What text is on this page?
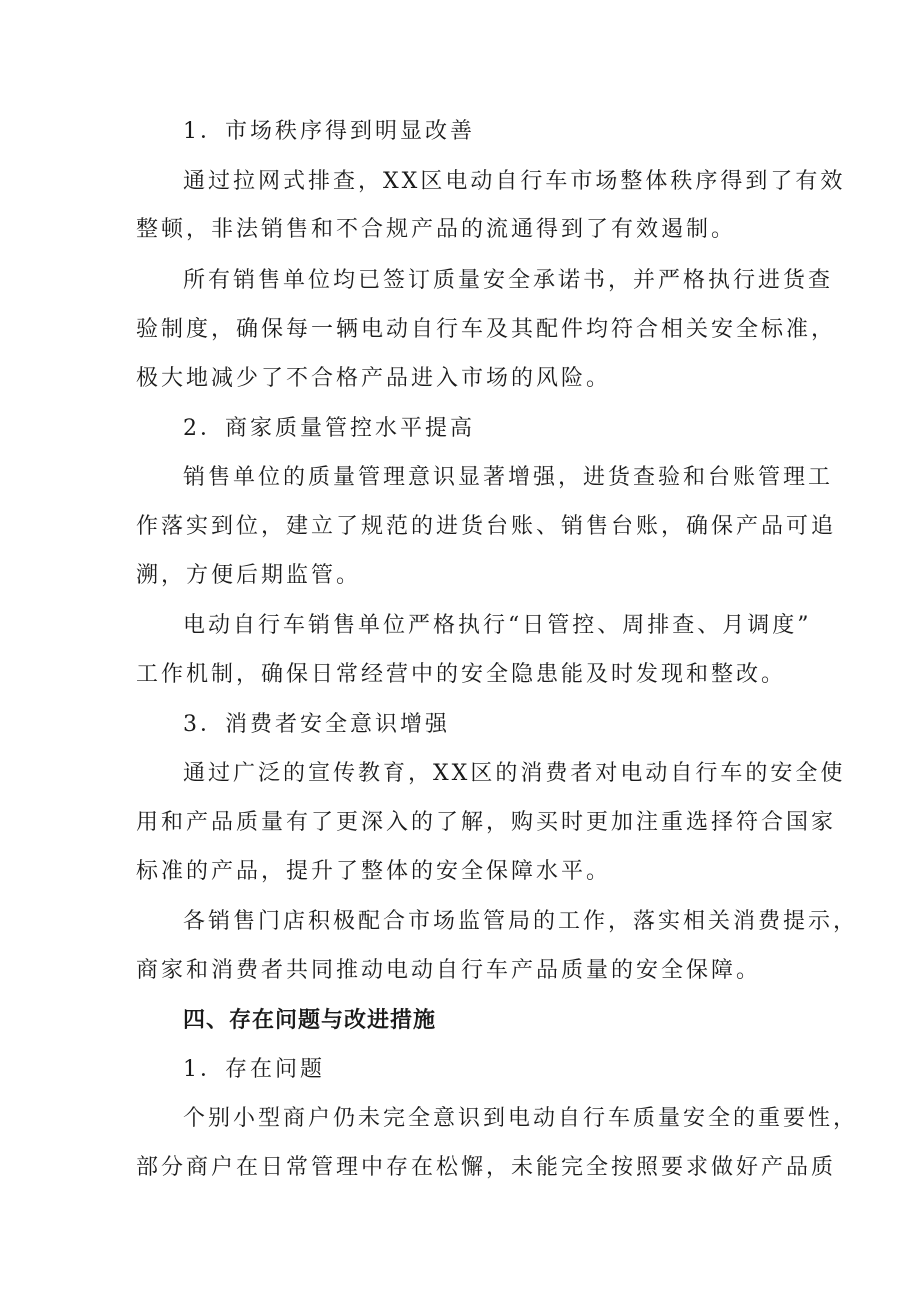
1．市场秩序得到明显改善
通过拉网式排查，XX区电动自行车市场整体秩序得到了有效
整顿，非法销售和不合规产品的流通得到了有效遏制。
所有销售单位均已签订质量安全承诺书，并严格执行进货查
验制度，确保每一辆电动自行车及其配件均符合相关安全标准，
极大地减少了不合格产品进入市场的风险。
2．商家质量管控水平提高
销售单位的质量管理意识显著增强，进货查验和台账管理工
作落实到位，建立了规范的进货台账、销售台账，确保产品可追
溯，方便后期监管。
电动自行车销售单位严格执行“日管控、周排查、月调度”
工作机制，确保日常经营中的安全隐患能及时发现和整改。
3．消费者安全意识增强
通过广泛的宣传教育，XX区的消费者对电动自行车的安全使
用和产品质量有了更深入的了解，购买时更加注重选择符合国家
标准的产品，提升了整体的安全保障水平。
各销售门店积极配合市场监管局的工作，落实相关消费提示，
商家和消费者共同推动电动自行车产品质量的安全保障。
四、存在问题与改进措施
1．存在问题
个别小型商户仍未完全意识到电动自行车质量安全的重要性，
部分商户在日常管理中存在松懈，未能完全按照要求做好产品质
